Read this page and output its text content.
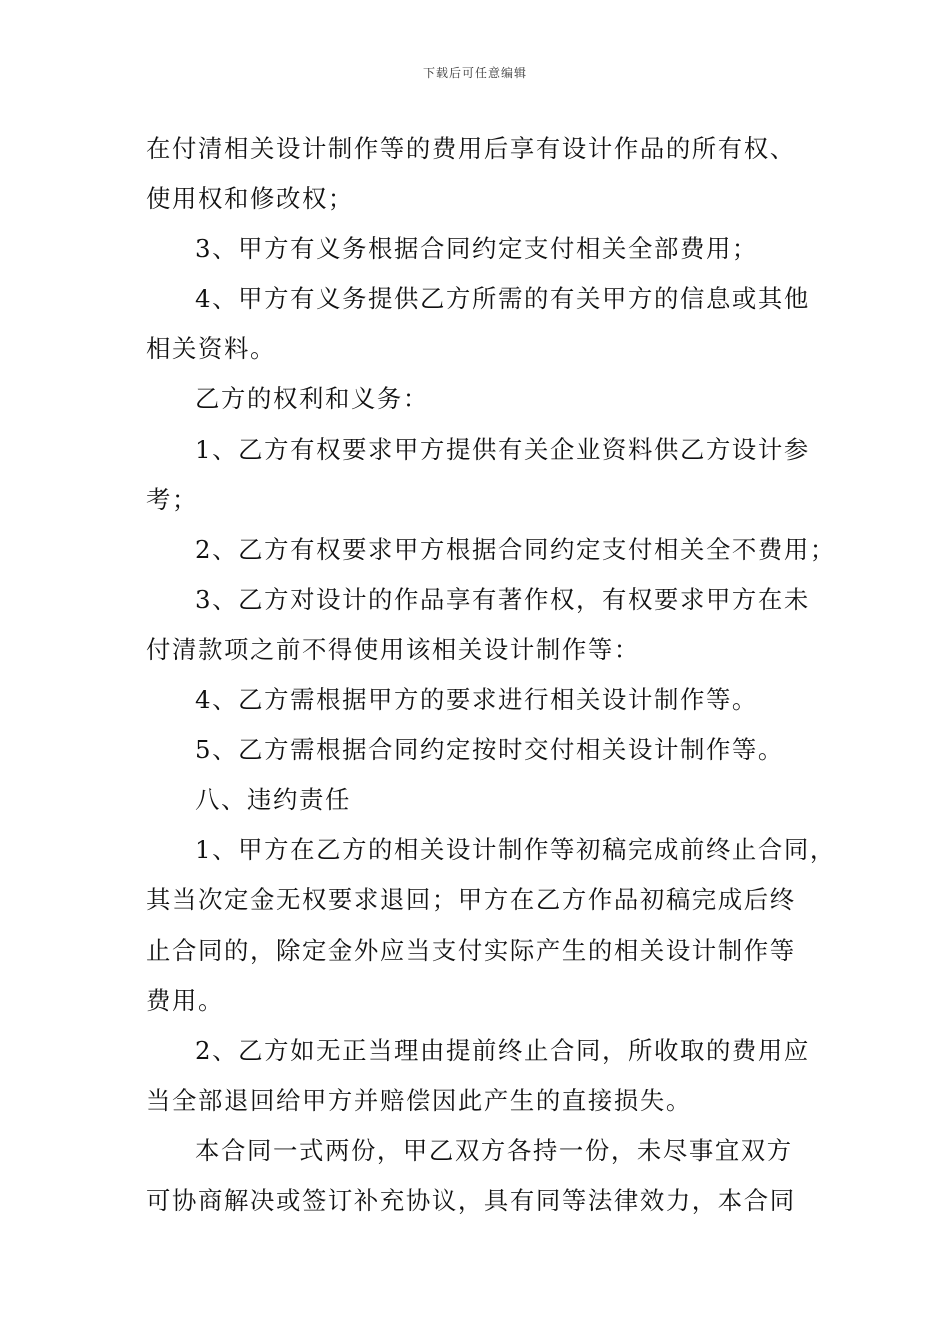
下载后可任意编辑
在付清相关设计制作等的费用后享有设计作品的所有权、
使用权和修改权；
3、甲方有义务根据合同约定支付相关全部费用；
4、甲方有义务提供乙方所需的有关甲方的信息或其他
相关资料。
乙方的权利和义务：
1、乙方有权要求甲方提供有关企业资料供乙方设计参
考；
2、乙方有权要求甲方根据合同约定支付相关全不费用；
3、乙方对设计的作品享有著作权，有权要求甲方在未
付清款项之前不得使用该相关设计制作等：
4、乙方需根据甲方的要求进行相关设计制作等。
5、乙方需根据合同约定按时交付相关设计制作等。
八、违约责任
1、甲方在乙方的相关设计制作等初稿完成前终止合同，
其当次定金无权要求退回；甲方在乙方作品初稿完成后终
止合同的，除定金外应当支付实际产生的相关设计制作等
费用。
2、乙方如无正当理由提前终止合同，所收取的费用应
当全部退回给甲方并赔偿因此产生的直接损失。
本合同一式两份，甲乙双方各持一份，未尽事宜双方
可协商解决或签订补充协议，具有同等法律效力，本合同
